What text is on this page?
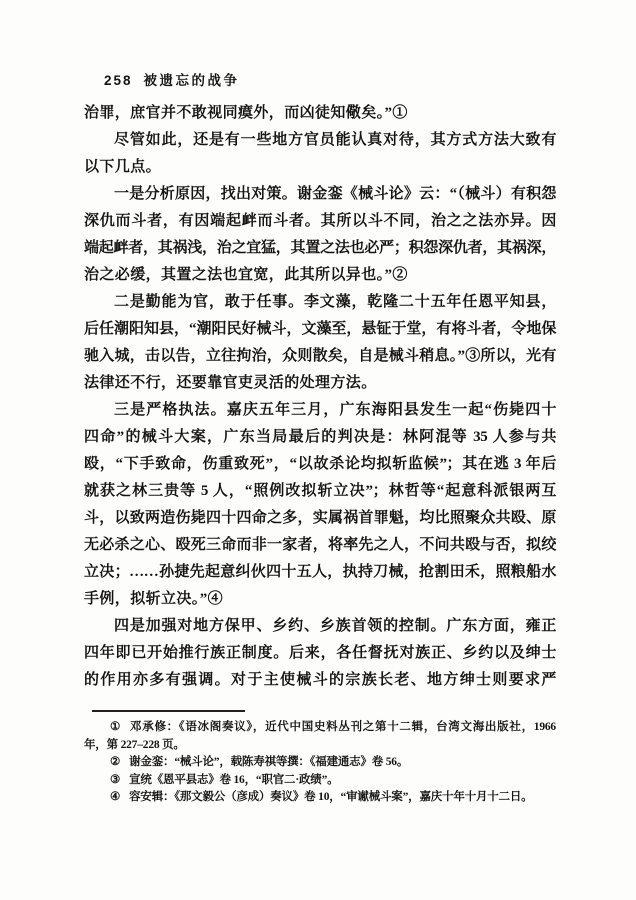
258 被遗忘的战争
治罪，庶官并不敢视同瘼外，而凶徒知儆矣。”①
尽管如此，还是有一些地方官员能认真对待，其方式方法大致有
以下几点。
一是分析原因，找出对策。谢金銮《械斗论》云：“（械斗）有积怨
深仇而斗者，有因端起衅而斗者。其所以斗不同，治之之法亦异。因
端起衅者，其祸浅，治之宜猛，其置之法也必严；积怨深仇者，其祸深，
治之必缓，其置之法也宜宽，此其所以异也。”②
二是勤能为官，敢于任事。李文藻，乾隆二十五年任恩平知县，
后任潮阳知县，“潮阳民好械斗，文藻至，悬钲于堂，有将斗者，令地保
驰入城，击以告，立往拘治，众则散矣，自是械斗稍息。”③所以，光有
法律还不行，还要靠官吏灵活的处理方法。
三是严格执法。嘉庆五年三月，广东海阳县发生一起“伤毙四十
四命”的械斗大案，广东当局最后的判决是：林阿混等 35 人参与共
殴，“下手致命，伤重致死”，“以故杀论均拟斩监候”；其在逃 3 年后
就获之林三贵等 5 人，“照例改拟斩立决”；林哲等“起意科派银两互
斗，以致两造伤毙四十四命之多，实属祸首罪魁，均比照聚众共殴、原
无必杀之心、殴死三命而非一家者，将率先之人，不问共殴与否，拟绞
立决；……孙捷先起意纠伙四十五人，执持刀械，抢割田禾，照粮船水
手例，拟斩立决。”④
四是加强对地方保甲、乡约、乡族首领的控制。广东方面，雍正
四年即已开始推行族正制度。后来，各任督抚对族正、乡约以及绅士
的作用亦多有强调。对于主使械斗的宗族长老、地方绅士则要求严
① 邓承修：《语冰阁奏议》，近代中国史料丛刊之第十二辑，台湾文海出版社，1966
年，第 227–228 页。
② 谢金銮：“械斗论”，载陈寿祺等撰：《福建通志》卷 56。
③ 宣统《恩平县志》卷 16，“职官二·政绩”。
④ 容安辑：《那文毅公（彦成）奏议》卷 10，“审谳械斗案”，嘉庆十年十月十二日。
